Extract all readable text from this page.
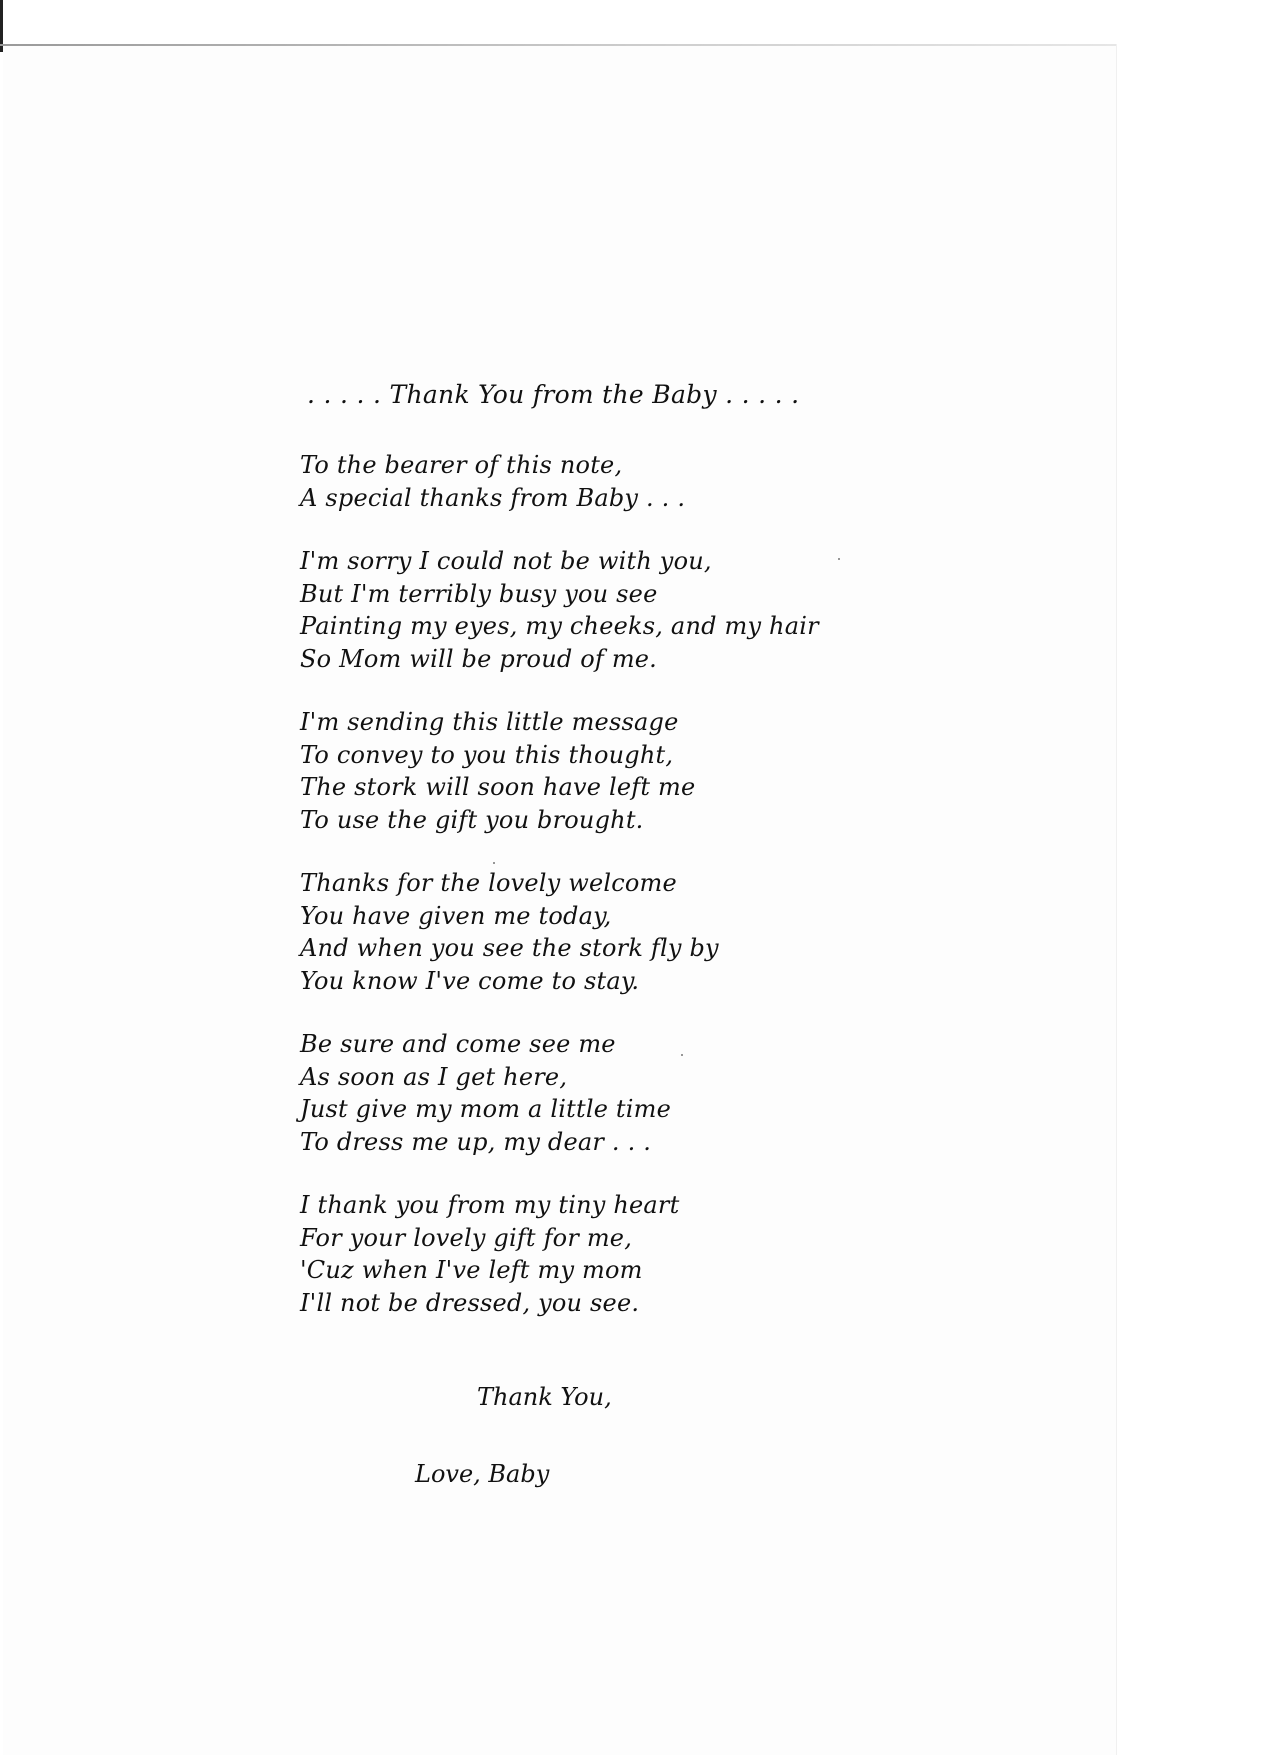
. . . . . Thank You from the Baby . . . . .
To the bearer of this note,
A special thanks from Baby . . .
I'm sorry I could not be with you,
But I'm terribly busy you see
Painting my eyes, my cheeks, and my hair
So Mom will be proud of me.
I'm sending this little message
To convey to you this thought,
The stork will soon have left me
To use the gift you brought.
Thanks for the lovely welcome
You have given me today,
And when you see the stork fly by
You know I've come to stay.
Be sure and come see me
As soon as I get here,
Just give my mom a little time
To dress me up, my dear . . .
I thank you from my tiny heart
For your lovely gift for me,
'Cuz when I've left my mom
I'll not be dressed, you see.
Thank You,
Love, Baby
